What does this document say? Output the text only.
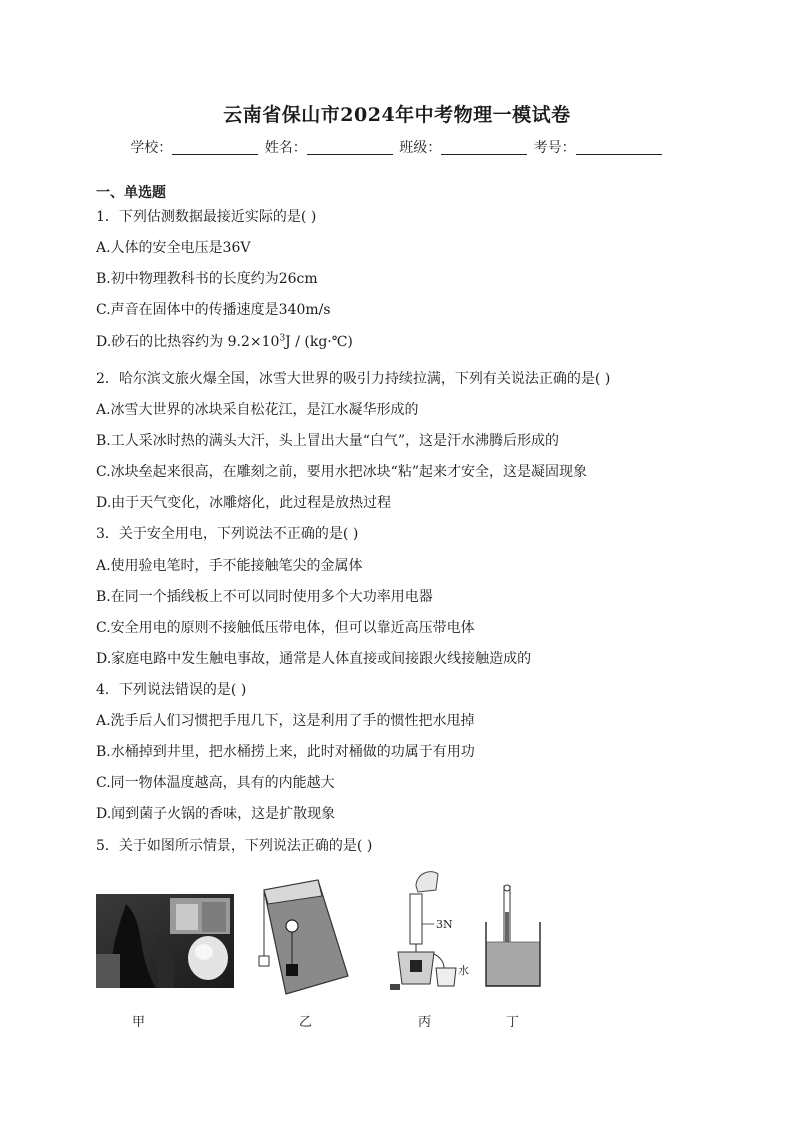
云南省保山市2024年中考物理一模试卷
学校：	姓名：	班级：	考号：
一、单选题
1．下列估测数据最接近实际的是( )
A.人体的安全电压是36V
B.初中物理教科书的长度约为26cm
C.声音在固体中的传播速度是340m/s
D.砂石的比热容约为 $9.2\times 10^3J$ / (kg·℃)
2．哈尔滨文旅火爆全国，冰雪大世界的吸引力持续拉满，下列有关说法正确的是( )
A.冰雪大世界的冰块采自松花江，是江水凝华形成的
B.工人采冰时热的满头大汗，头上冒出大量“白气”，这是汗水沸腾后形成的
C.冰块垒起来很高，在雕刻之前，要用水把冰块“粘”起来才安全，这是凝固现象
D.由于天气变化，冰雕熔化，此过程是放热过程
3．关于安全用电，下列说法不正确的是( )
A.使用验电笔时，手不能接触笔尖的金属体
B.在同一个插线板上不可以同时使用多个大功率用电器
C.安全用电的原则不接触低压带电体，但可以靠近高压带电体
D.家庭电路中发生触电事故，通常是人体直接或间接跟火线接触造成的
4．下列说法错误的是( )
A.洗手后人们习惯把手甩几下，这是利用了手的惯性把水甩掉
B.水桶掉到井里，把水桶捞上来，此时对桶做的功属于有用功
C.同一物体温度越高，具有的内能越大
D.闻到菌子火锅的香味，这是扩散现象
5．关于如图所示情景，下列说法正确的是( )
甲	乙
3N
水
丙	丁
